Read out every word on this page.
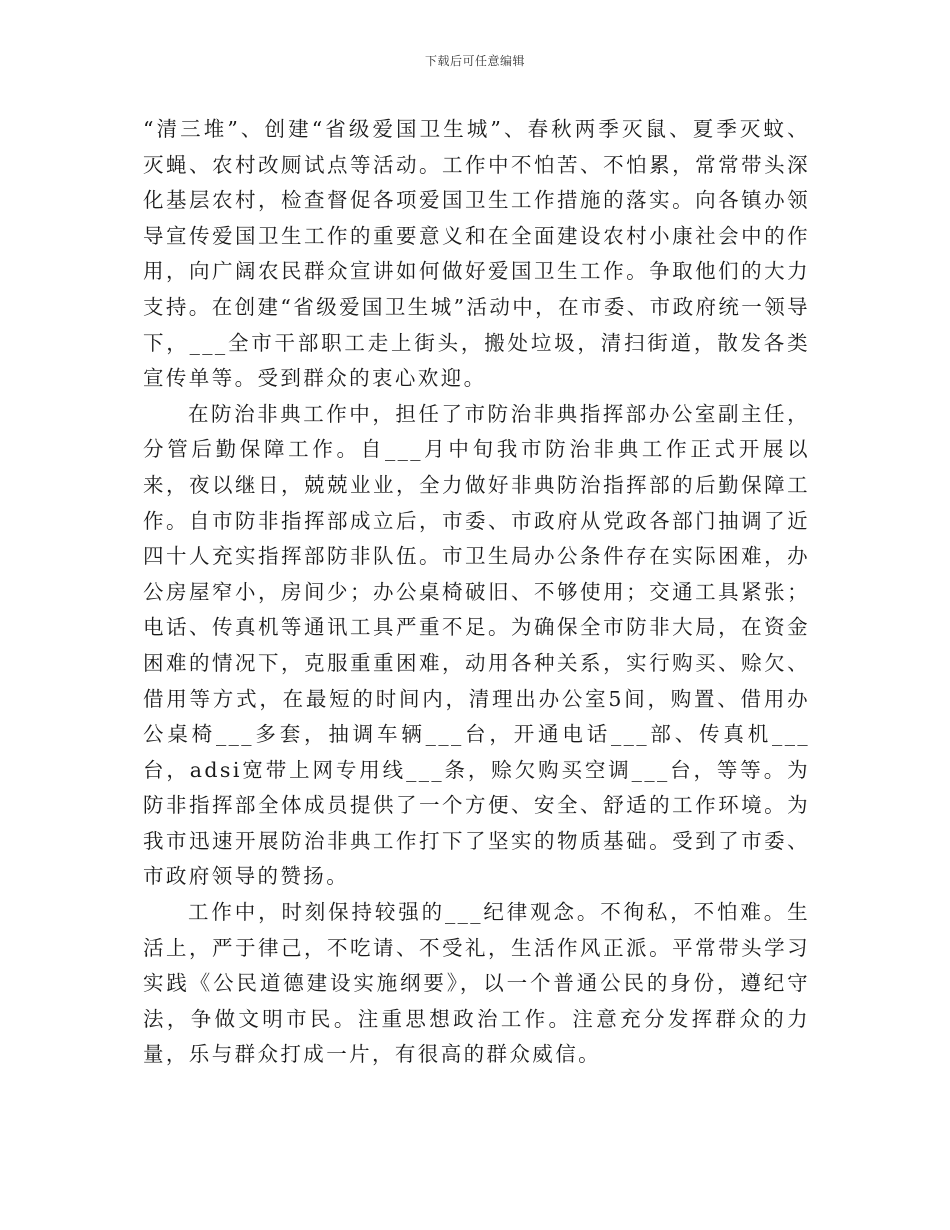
下载后可任意编辑

“清三堆”、创建“省级爱国卫生城”、春秋两季灭鼠、夏季灭蚊、灭蝇、农村改厕试点等活动。工作中不怕苦、不怕累，常常带头深化基层农村，检查督促各项爱国卫生工作措施的落实。向各镇办领导宣传爱国卫生工作的重要意义和在全面建设农村小康社会中的作用，向广阔农民群众宣讲如何做好爱国卫生工作。争取他们的大力支持。在创建“省级爱国卫生城”活动中，在市委、市政府统一领导下，___全市干部职工走上街头，搬处垃圾，清扫街道，散发各类宣传单等。受到群众的衷心欢迎。

在防治非典工作中，担任了市防治非典指挥部办公室副主任，分管后勤保障工作。自___月中旬我市防治非典工作正式开展以来，夜以继日，兢兢业业，全力做好非典防治指挥部的后勤保障工作。自市防非指挥部成立后，市委、市政府从党政各部门抽调了近四十人充实指挥部防非队伍。市卫生局办公条件存在实际困难，办公房屋窄小，房间少；办公桌椅破旧、不够使用；交通工具紧张；电话、传真机等通讯工具严重不足。为确保全市防非大局，在资金困难的情况下，克服重重困难，动用各种关系，实行购买、赊欠、借用等方式，在最短的时间内，清理出办公室5间，购置、借用办公桌椅___多套，抽调车辆___台，开通电话___部、传真机___台，adsi宽带上网专用线___条，赊欠购买空调___台，等等。为防非指挥部全体成员提供了一个方便、安全、舒适的工作环境。为我市迅速开展防治非典工作打下了坚实的物质基础。受到了市委、市政府领导的赞扬。

工作中，时刻保持较强的___纪律观念。不徇私，不怕难。生活上，严于律己，不吃请、不受礼，生活作风正派。平常带头学习实践《公民道德建设实施纲要》，以一个普通公民的身份，遵纪守法，争做文明市民。注重思想政治工作。注意充分发挥群众的力量，乐与群众打成一片，有很高的群众威信。
